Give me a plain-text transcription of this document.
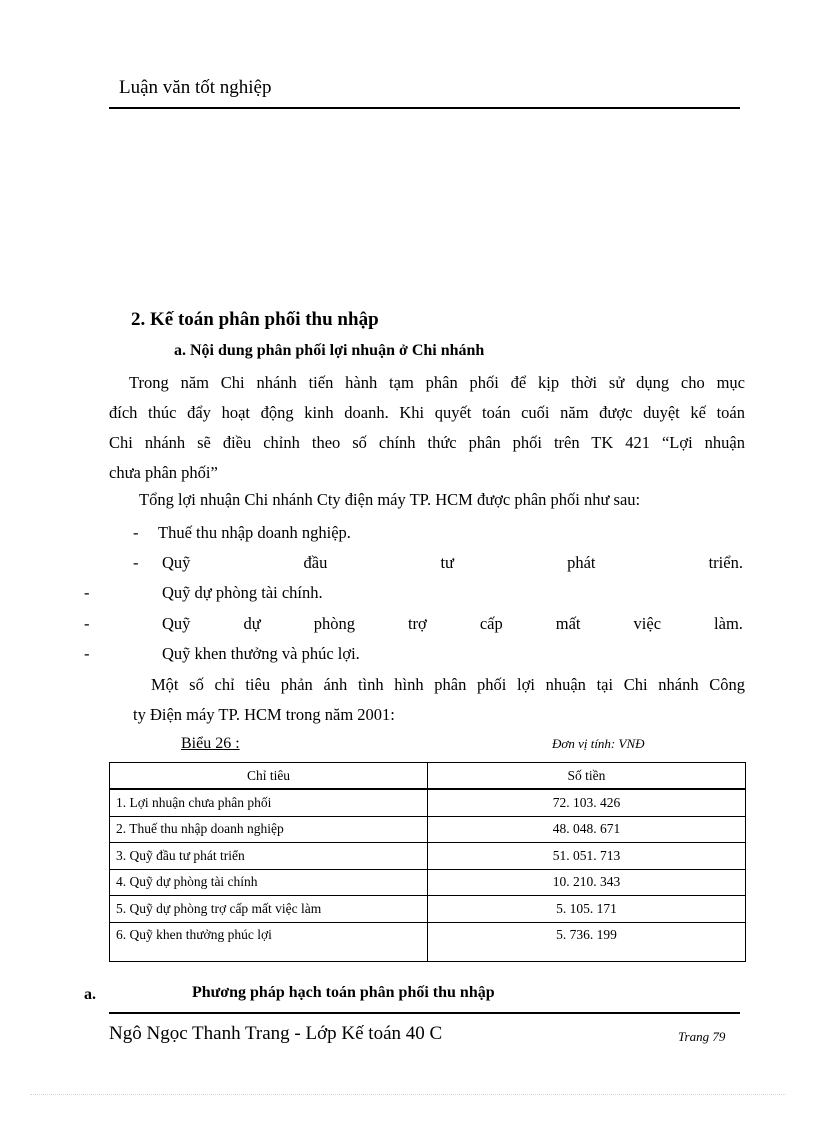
Luận văn tốt nghiệp
2. Kế toán phân phối thu nhập
a. Nội dung phân phối lợi nhuận ở Chi nhánh
Trong năm Chi nhánh tiến hành tạm phân phối để kịp thời sử dụng cho mục
đích thúc đẩy hoạt động kinh doanh. Khi quyết toán cuối năm được duyệt kế toán
Chi nhánh sẽ điều chỉnh theo số chính thức phân phối trên TK 421 “Lợi nhuận
chưa phân phối”
Tổng lợi nhuận Chi nhánh Cty điện máy TP. HCM được phân phối như sau:
- Thuế thu nhập doanh nghiệp.
- Quỹ	đầu	tư	phát	triển.
-	Quỹ dự phòng tài chính.
-	Quỹ	dự	phòng	trợ	cấp	mất	việc	làm.
-	Quỹ khen thưởng và phúc lợi.
Một số chỉ tiêu phản ánh tình hình phân phối lợi nhuận tại Chi nhánh Công
ty Điện máy TP. HCM trong năm 2001:
Biểu 26 :	Đơn vị tính: VNĐ
Chỉ tiêu	Số tiền
1. Lợi nhuận chưa phân phối	72. 103. 426
2. Thuế thu nhập doanh nghiệp	48. 048. 671
3. Quỹ đầu tư phát triển	51. 051. 713
4. Quỹ dự phòng tài chính	10. 210. 343
5. Quỹ dự phòng trợ cấp mất việc làm	5. 105. 171
6. Quỹ khen thưởng phúc lợi	5. 736. 199
a.	Phương pháp hạch toán phân phối thu nhập
Ngô Ngọc Thanh Trang - Lớp Kế toán 40 C	Trang 79
